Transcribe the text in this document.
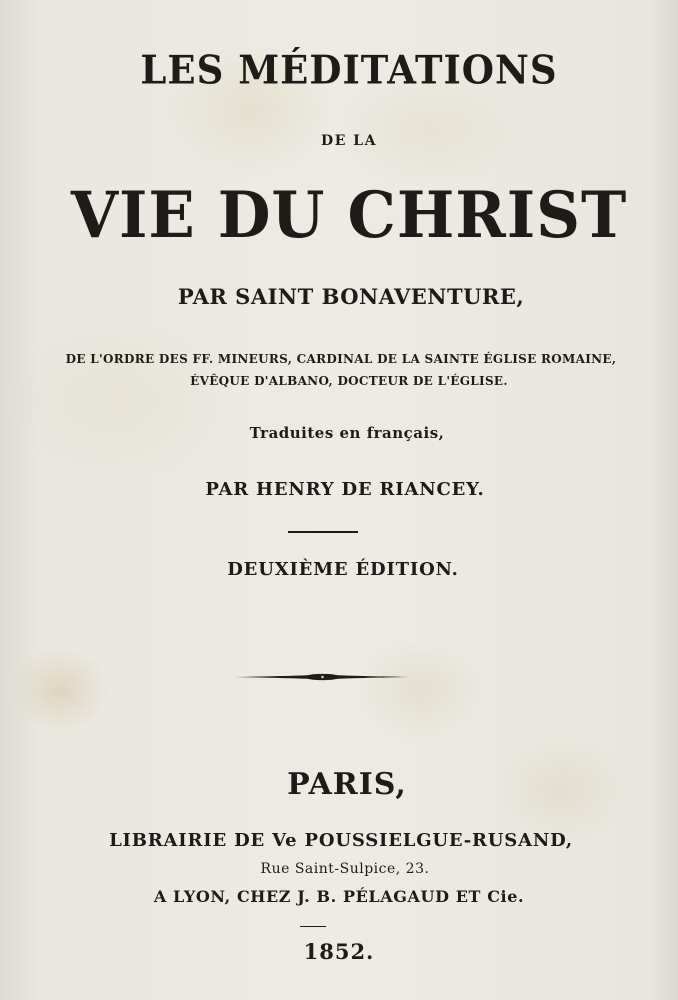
LES MÉDITATIONS
DE LA
VIE DU CHRIST
PAR SAINT BONAVENTURE,
DE L'ORDRE DES FF. MINEURS, CARDINAL DE LA SAINTE ÉGLISE ROMAINE,
ÉVÊQUE D'ALBANO, DOCTEUR DE L'ÉGLISE.
Traduites en français,
PAR HENRY DE RIANCEY.
DEUXIÈME ÉDITION.
PARIS,
LIBRAIRIE DE Ve POUSSIELGUE-RUSAND,
Rue Saint-Sulpice, 23.
A LYON, CHEZ J. B. PÉLAGAUD ET Cie.
1852.
